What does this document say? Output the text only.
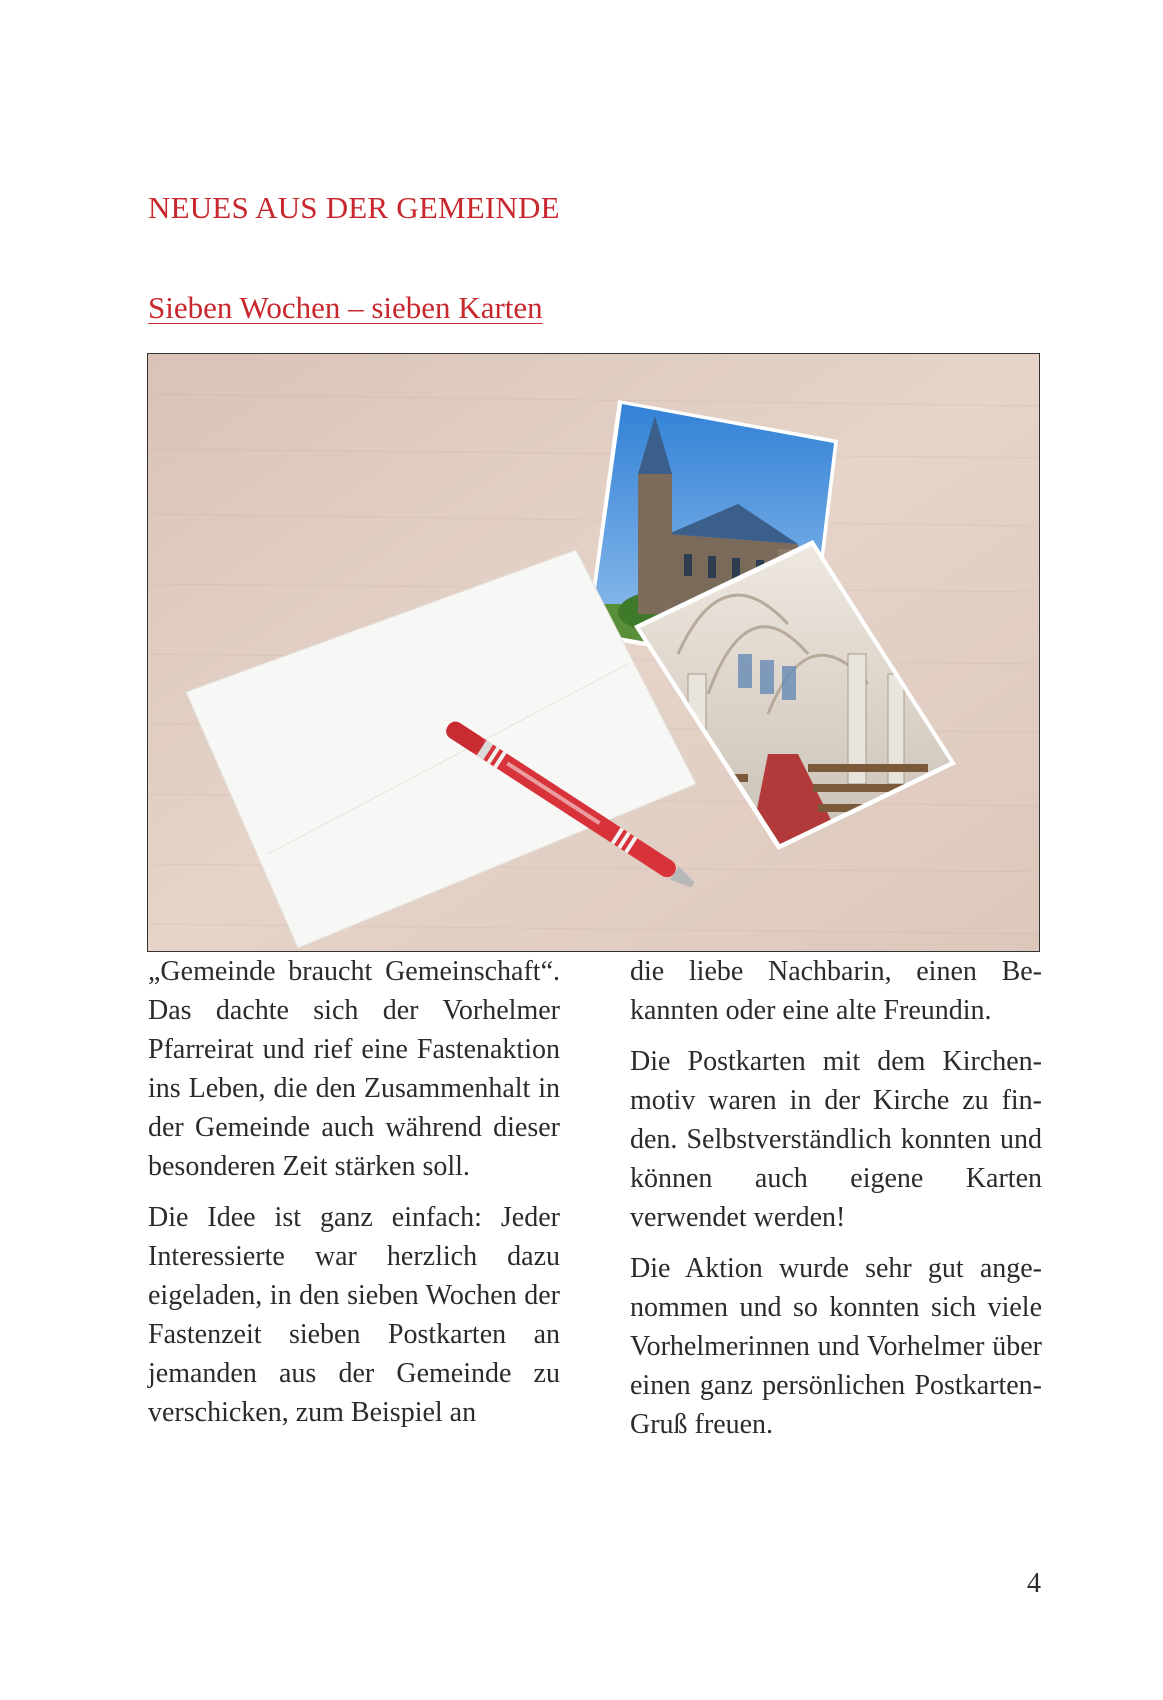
NEUES AUS DER GEMEINDE
Sieben Wochen – sieben Karten

„Gemeinde braucht Gemeinschaft“. Das dachte sich der Vorhelmer Pfarreirat und rief eine Fastenaktion ins Leben, die den Zusammenhalt in der Gemeinde auch während dieser besonderen Zeit stärken soll.

Die Idee ist ganz einfach: Jeder Interessierte war herzlich dazu eigeladen, in den sieben Wochen der Fastenzeit sieben Postkarten an jemanden aus der Gemeinde zu verschicken, zum Beispiel an

die liebe Nachbarin, einen Bekannten oder eine alte Freundin.

Die Postkarten mit dem Kirchenmotiv waren in der Kirche zu finden. Selbstverständlich konnten und können auch eigene Karten verwendet werden!

Die Aktion wurde sehr gut angenommen und so konnten sich viele Vorhelmerinnen und Vorhelmer über einen ganz persönlichen Postkarten-Gruß freuen.

4
